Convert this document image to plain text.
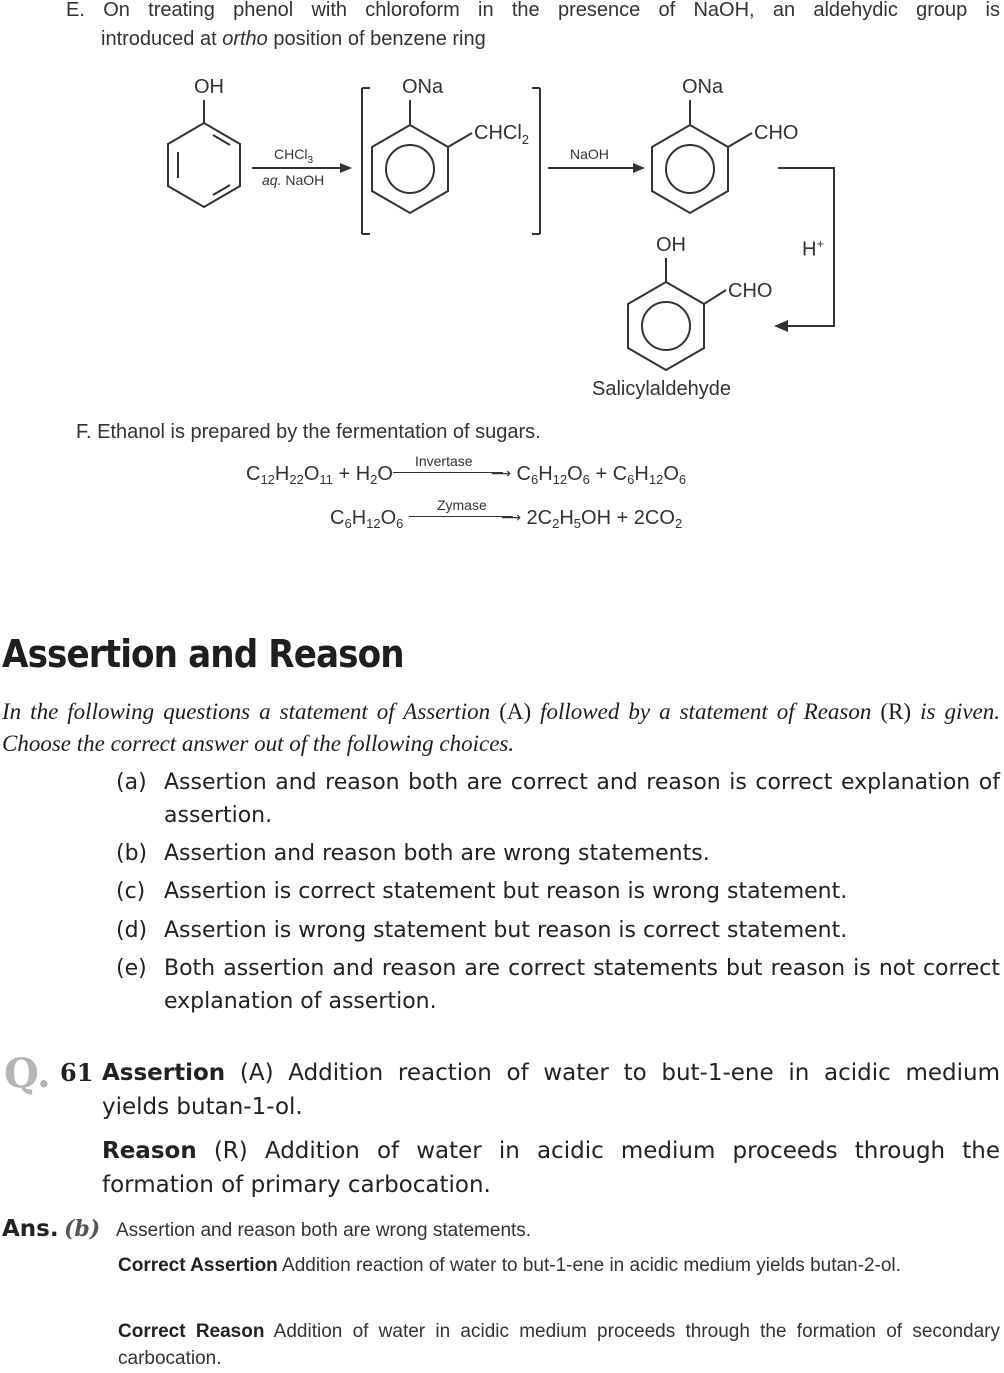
E. On treating phenol with chloroform in the presence of NaOH, an aldehydic group is
introduced at ortho position of benzene ring
OH
CHCl$_3$
aq. NaOH
ONa
CHCl$_2$
NaOH
ONa
CHO
H+
OH
CHO
Salicylaldehyde
F. Ethanol is prepared by the fermentation of sugars.
$C_{12}H_{22}O_{11} + H_2O$
Invertase
⟶ $C_6H_{12}O_6 + C_6H_{12}O_6$
$C_6H_{12}O_6$
Zymase
⟶ $2C_2H_5OH + 2CO_2$
Assertion and Reason
In the following questions a statement of Assertion (A) followed by a statement of Reason (R) is given. Choose the correct answer out of the following choices.
(a) Assertion and reason both are correct and reason is correct explanation of assertion.
(b) Assertion and reason both are wrong statements.
(c) Assertion is correct statement but reason is wrong statement.
(d) Assertion is wrong statement but reason is correct statement.
(e) Both assertion and reason are correct statements but reason is not correct explanation of assertion.
Q. 61 Assertion (A) Addition reaction of water to but-1-ene in acidic medium yields butan-1-ol.
Reason (R) Addition of water in acidic medium proceeds through the formation of primary carbocation.
Ans. (b) Assertion and reason both are wrong statements.
Correct Assertion Addition reaction of water to but-1-ene in acidic medium yields butan-2-ol.
Correct Reason Addition of water in acidic medium proceeds through the formation of secondary carbocation.
